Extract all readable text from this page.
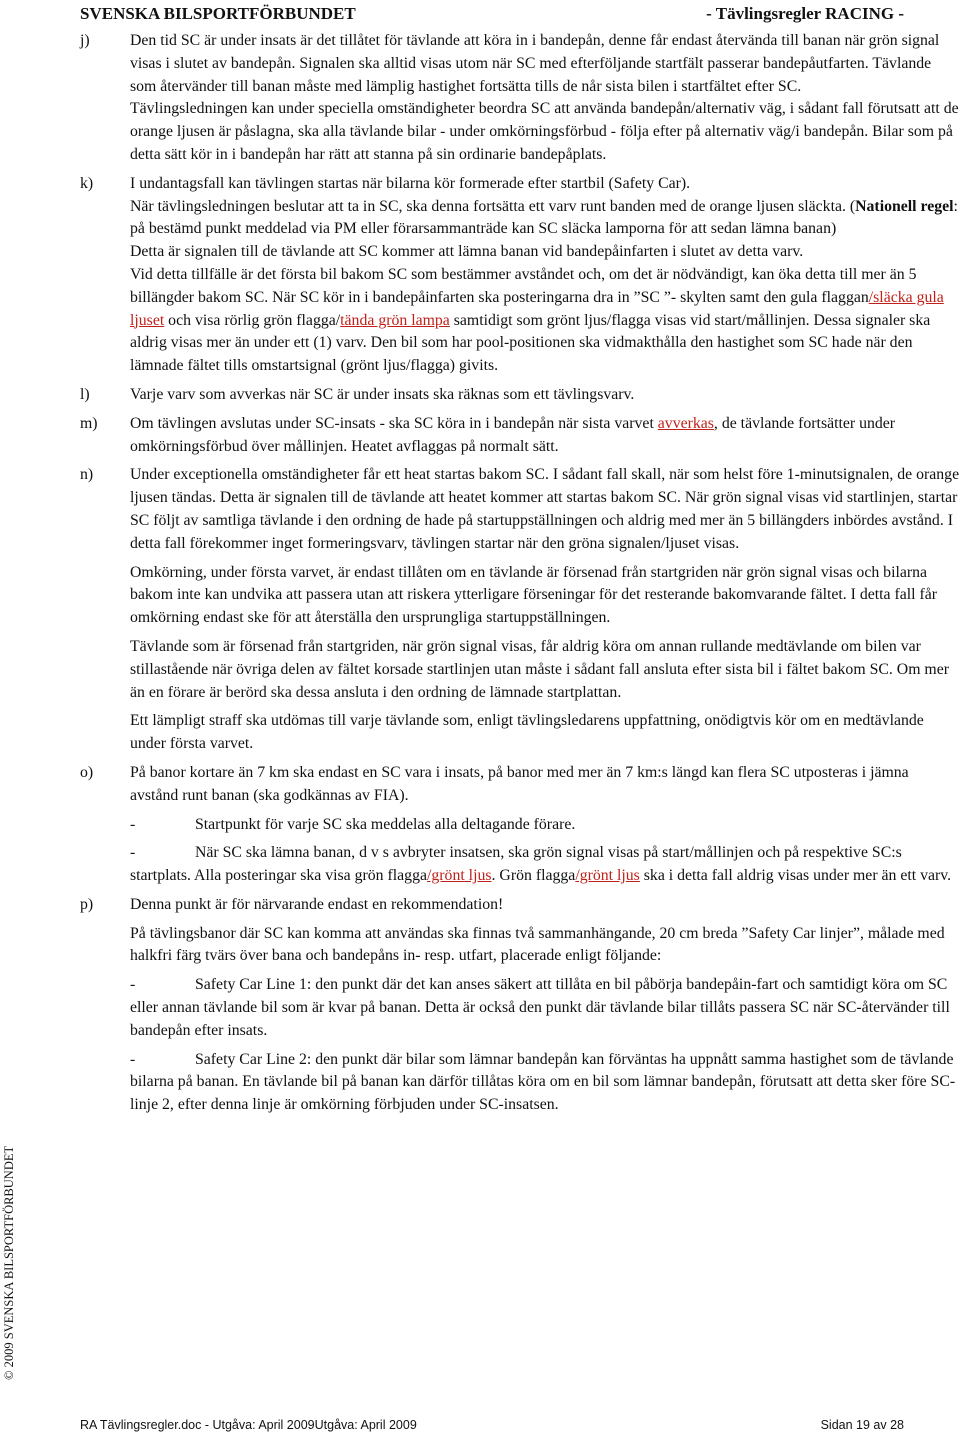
SVENSKA BILSPORTFÖRBUNDET	- Tävlingsregler RACING -
© 2009 SVENSKA BILSPORTFÖRBUNDET
j)	Den tid SC är under insats är det tillåtet för tävlande att köra in i bandepån, denne får endast återvända till banan när grön signal visas i slutet av bandepån. Signalen ska alltid visas utom när SC med efterföljande startfält passerar bandepåutfarten. Tävlande som återvänder till banan måste med lämplig hastighet fortsätta tills de når sista bilen i startfältet efter SC.

Tävlingsledningen kan under speciella omständigheter beordra SC att använda bandepån/alternativ väg, i sådant fall förutsatt att de orange ljusen är påslagna, ska alla tävlande bilar - under omkörningsförbud - följa efter på alternativ väg/i bandepån. Bilar som på detta sätt kör in i bandepån har rätt att stanna på sin ordinarie bandepåplats.

k)	I undantagsfall kan tävlingen startas när bilarna kör formerade efter startbil (Safety Car).

När tävlingsledningen beslutar att ta in SC, ska denna fortsätta ett varv runt banden med de orange ljusen släckta. (Nationell regel: på bestämd punkt meddelad via PM eller förarsammanträde kan SC släcka lamporna för att sedan lämna banan)

Detta är signalen till de tävlande att SC kommer att lämna banan vid bandepåinfarten i slutet av detta varv.

Vid detta tillfälle är det första bil bakom SC som bestämmer avståndet och, om det är nödvändigt, kan öka detta till mer än 5 billängder bakom SC. När SC kör in i bandepåinfarten ska posteringarna dra in ”SC ”- skylten samt den gula flaggan/släcka gula ljuset och visa rörlig grön flagga/tända grön lampa samtidigt som grönt ljus/flagga visas vid start/mållinjen. Dessa signaler ska aldrig visas mer än under ett (1) varv. Den bil som har pool-positionen ska vidmakthålla den hastighet som SC hade när den lämnade fältet tills omstartsignal (grönt ljus/flagga) givits.

l)	Varje varv som avverkas när SC är under insats ska räknas som ett tävlingsvarv.

m)	Om tävlingen avslutas under SC-insats - ska SC köra in i bandepån när sista varvet avverkas, de tävlande fortsätter under omkörningsförbud över mållinjen. Heatet avflaggas på normalt sätt.

n)	Under exceptionella omständigheter får ett heat startas bakom SC. I sådant fall skall, när som helst före 1-minutsignalen, de orange ljusen tändas. Detta är signalen till de tävlande att heatet kommer att startas bakom SC. När grön signal visas vid startlinjen, startar SC följt av samtliga tävlande i den ordning de hade på startuppställningen och aldrig med mer än 5 billängders inbördes avstånd. I detta fall förekommer inget formeringsvarv, tävlingen startar när den gröna signalen/ljuset visas.

Omkörning, under första varvet, är endast tillåten om en tävlande är försenad från startgriden när grön signal visas och bilarna bakom inte kan undvika att passera utan att riskera ytterligare förseningar för det resterande bakomvarande fältet. I detta fall får omkörning endast ske för att återställa den ursprungliga startuppställningen.

Tävlande som är försenad från startgriden, när grön signal visas, får aldrig köra om annan rullande medtävlande om bilen var stillastående när övriga delen av fältet korsade startlinjen utan måste i sådant fall ansluta efter sista bil i fältet bakom SC. Om mer än en förare är berörd ska dessa ansluta i den ordning de lämnade startplattan.

Ett lämpligt straff ska utdömas till varje tävlande som, enligt tävlingsledarens uppfattning, onödigtvis kör om en medtävlande under första varvet.

o)	På banor kortare än 7 km ska endast en SC vara i insats, på banor med mer än 7 km:s längd kan flera SC utposteras i jämna avstånd runt banan (ska godkännas av FIA).

-	Startpunkt för varje SC ska meddelas alla deltagande förare.

-	När SC ska lämna banan, d v s avbryter insatsen, ska grön signal visas på start/mållinjen och på respektive SC:s startplats. Alla posteringar ska visa grön flagga/grönt ljus. Grön flagga/grönt ljus ska i detta fall aldrig visas under mer än ett varv.

p)	Denna punkt är för närvarande endast en rekommendation!

På tävlingsbanor där SC kan komma att användas ska finnas två sammanhängande, 20 cm breda ”Safety Car linjer”, målade med halkfri färg tvärs över bana och bandepåns in- resp. utfart, placerade enligt följande:

-	Safety Car Line 1: den punkt där det kan anses säkert att tillåta en bil påbörja bandepåin-fart och samtidigt köra om SC eller annan tävlande bil som är kvar på banan. Detta är också den punkt där tävlande bilar tillåts passera SC när SC-återvänder till bandepån efter insats.

-	Safety Car Line 2: den punkt där bilar som lämnar bandepån kan förväntas ha uppnått samma hastighet som de tävlande bilarna på banan. En tävlande bil på banan kan därför tillåtas köra om en bil som lämnar bandepån, förutsatt att detta sker före SC-linje 2, efter denna linje är omkörning förbjuden under SC-insatsen.

RA Tävlingsregler.doc - Utgåva: April 2009Utgåva: April 2009	Sidan 19 av 28
